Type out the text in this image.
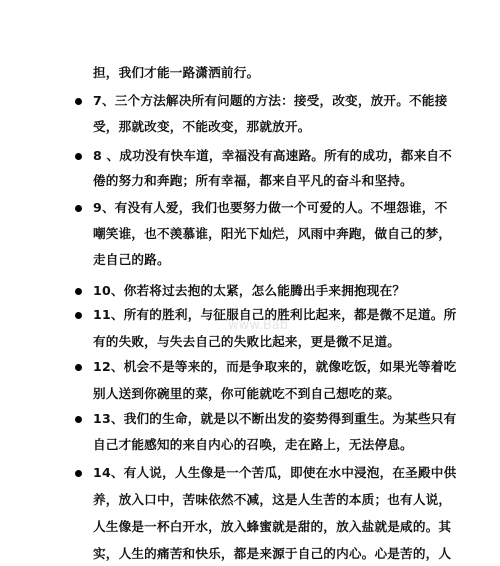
www.Bab
担，我们才能一路潇洒前行。
7、三个方法解决所有问题的方法：接受，改变，放开。不能接
受，那就改变，不能改变，那就放开。
8 、成功没有快车道，幸福没有高速路。所有的成功，都来自不
倦的努力和奔跑；所有幸福，都来自平凡的奋斗和坚持。
9、有没有人爱，我们也要努力做一个可爱的人。不埋怨谁，不
嘲笑谁，也不羡慕谁，阳光下灿烂，风雨中奔跑，做自己的梦，
走自己的路。
10、你若将过去抱的太紧，怎么能腾出手来拥抱现在？
11、所有的胜利，与征服自己的胜利比起来，都是微不足道。所
有的失败，与失去自己的失败比起来，更是微不足道。
12、机会不是等来的，而是争取来的，就像吃饭，如果光等着吃
别人送到你碗里的菜，你可能就吃不到自己想吃的菜。
13、我们的生命，就是以不断出发的姿势得到重生。为某些只有
自己才能感知的来自内心的召唤，走在路上，无法停息。
14、有人说，人生像是一个苦瓜，即使在水中浸泡，在圣殿中供
养，放入口中，苦味依然不减，这是人生苦的本质；也有人说，
人生像是一杯白开水，放入蜂蜜就是甜的，放入盐就是咸的。其
实，人生的痛苦和快乐，都是来源于自己的内心。心是苦的，人
